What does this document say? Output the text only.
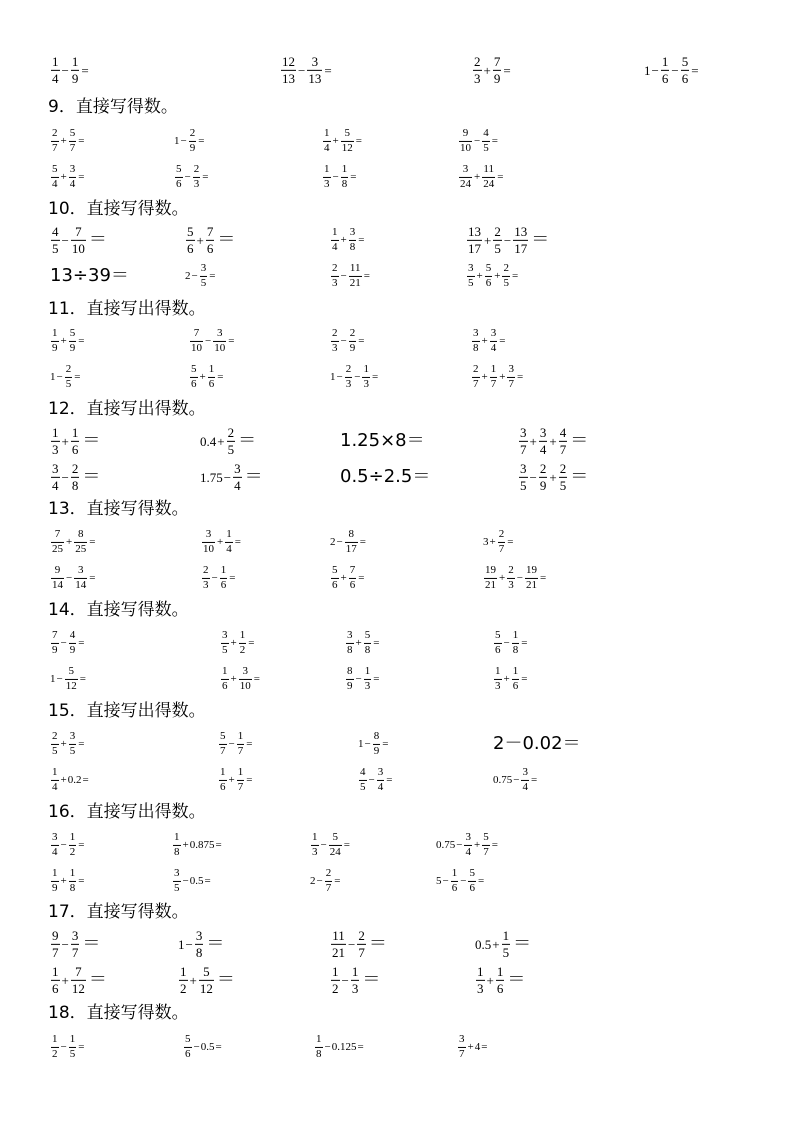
$\frac{1}{4} - \frac{1}{9}$ =	$\frac{12}{13} - \frac{3}{13}$ =	$\frac{2}{3} + \frac{7}{9}$ =	$1 - \frac{1}{6} - \frac{5}{6}$ =
9．直接写得数。
$\frac{2}{7} + \frac{5}{7}$ =	$1 - \frac{2}{9}$ =	$\frac{1}{4} + \frac{5}{12}$ =	$\frac{9}{10} - \frac{4}{5}$ =
$\frac{5}{4} + \frac{3}{4}$ =	$\frac{5}{6} - \frac{2}{3}$ =	$\frac{1}{3} - \frac{1}{8}$ =	$\frac{3}{24} + \frac{11}{24}$ =
10．直接写得数。
$\frac{4}{5} - \frac{7}{10}$ ＝	$\frac{5}{6} + \frac{7}{6}$ ＝	$\frac{1}{4} + \frac{3}{8}$ =	$\frac{13}{17} + \frac{2}{5} - \frac{13}{17}$ ＝
13÷39＝	$2 - \frac{3}{5}$ =	$\frac{2}{3} - \frac{11}{21}$ =	$\frac{3}{5} + \frac{5}{6} + \frac{2}{5}$ =
11．直接写出得数。
$\frac{1}{9} + \frac{5}{9}$ =	$\frac{7}{10} - \frac{3}{10}$ =	$\frac{2}{3} - \frac{2}{9}$ =	$\frac{3}{8} + \frac{3}{4}$ =
$1 - \frac{2}{5}$ =	$\frac{5}{6} + \frac{1}{6}$ =	$1 - \frac{2}{3} - \frac{1}{3}$ =	$\frac{2}{7} + \frac{1}{7} + \frac{3}{7}$ =
12．直接写出得数。
$\frac{1}{3} + \frac{1}{6}$ ＝	$0.4 + \frac{2}{5}$ ＝	1.25×8＝	$\frac{3}{7} + \frac{3}{4} + \frac{4}{7}$ ＝
$\frac{3}{4} - \frac{2}{8}$ ＝	$1.75 - \frac{3}{4}$ ＝	0.5÷2.5＝	$\frac{3}{5} - \frac{2}{9} + \frac{2}{5}$ ＝
13．直接写得数。
$\frac{7}{25} + \frac{8}{25}$ =	$\frac{3}{10} + \frac{1}{4}$ =	$2 - \frac{8}{17}$ =	$3 + \frac{2}{7}$ =
$\frac{9}{14} - \frac{3}{14}$ =	$\frac{2}{3} - \frac{1}{6}$ =	$\frac{5}{6} + \frac{7}{6}$ =	$\frac{19}{21} + \frac{2}{3} - \frac{19}{21}$ =
14．直接写得数。
$\frac{7}{9} - \frac{4}{9}$ =	$\frac{3}{5} + \frac{1}{2}$ =	$\frac{3}{8} + \frac{5}{8}$ =	$\frac{5}{6} - \frac{1}{8}$ =
$1 - \frac{5}{12}$ =	$\frac{1}{6} + \frac{3}{10}$ =	$\frac{8}{9} - \frac{1}{3}$ =	$\frac{1}{3} + \frac{1}{6}$ =
15．直接写出得数。
$\frac{2}{5} + \frac{3}{5}$ =	$\frac{5}{7} - \frac{1}{7}$ =	$1 - \frac{8}{9}$ =	2－0.02＝
$\frac{1}{4} + 0.2$ =	$\frac{1}{6} + \frac{1}{7}$ =	$\frac{4}{5} - \frac{3}{4}$ =	$0.75 - \frac{3}{4}$ =
16．直接写出得数。
$\frac{3}{4} - \frac{1}{2}$ =	$\frac{1}{8} + 0.875$ =	$\frac{1}{3} - \frac{5}{24}$ =	$0.75 - \frac{3}{4} + \frac{5}{7}$ =
$\frac{1}{9} + \frac{1}{8}$ =	$\frac{3}{5} - 0.5$ =	$2 - \frac{2}{7}$ =	$5 - \frac{1}{6} - \frac{5}{6}$ =
17．直接写得数。
$\frac{9}{7} - \frac{3}{7}$ ＝	$1 - \frac{3}{8}$ ＝	$\frac{11}{21} - \frac{2}{7}$ ＝	$0.5 + \frac{1}{5}$ ＝
$\frac{1}{6} + \frac{7}{12}$ ＝	$\frac{1}{2} + \frac{5}{12}$ ＝	$\frac{1}{2} - \frac{1}{3}$ ＝	$\frac{1}{3} + \frac{1}{6}$ ＝
18．直接写得数。
$\frac{1}{2} - \frac{1}{5}$ =	$\frac{5}{6} - 0.5$ =	$\frac{1}{8} - 0.125$ =	$\frac{3}{7} + 4$ =
